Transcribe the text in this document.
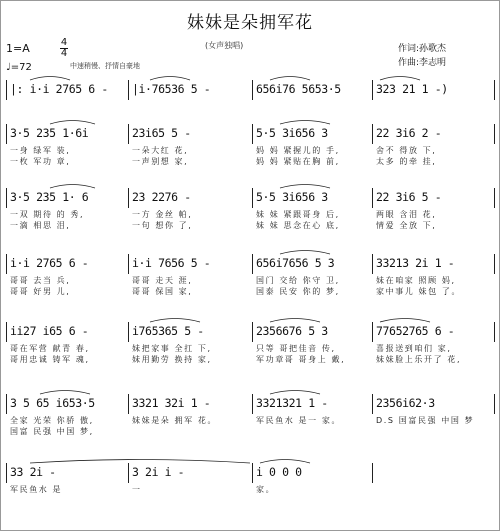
妹妹是朵拥军花
(女声独唱)	作词:孙歌杰
作曲:李志明
1=A	4
4
♩=72	中速稍慢、抒情自豪地
|: i·i 2765 6 - |i·76536 5 -	656i76 5653·5	323 21 1 -)
3·5 235 1·6i	23i65 5 -	5·5 3i656 3	22 3i6 2 -
一身 绿军 装,	一朵大红 花,	妈 妈 紧握儿的 手,	舍不 得放 下,
一枚 军功 章,	一声别想 家,	妈 妈 紧贴在胸 前,	太多 的牵 挂,
3·5 235 1· 6	23 2276 -	5·5 3i656 3	22 3i6 5 -
一双 期待 的 秀,	一方 金丝 帕,	妹 妹 紧跟哥身 后,	两眼 含泪 花,
一滴 相思 泪,	一句 想你 了,	妹 妹 思念在心 底,	情爱 全放 下,
i·i 2765 6 -	i·i 7656 5 -	656i7656 5 3	33213 2i 1 -
哥哥 去当 兵,	哥哥 走天 涯,	国门 交给 你守 卫,	妹在咱家 照顾 妈,
哥哥 好男 儿,	哥哥 保国 家,	国泰 民安 你的 梦,	家中事儿 妹包 了。
ii27 i65 6 -	i765365 5 -	2356676 5 3	77652765 6 -
哥在军营 献青 春,	妹把家事 全扛 下,	只等 哥把佳音 传,	喜报送到咱们 家,
哥用忠诚 铸军 魂,	妹用勤劳 换持 家,	军功章哥 哥身上 戴,	妹妹脸上乐开了 花,
3 5 65 i653·5	3321 32i 1 -	3321321 1 -	2356i62·3
全家 光荣 你骄 傲,	妹妹是朵 拥军 花。	军民鱼水 是一 家。	D.S 国富民强 中国 梦
国富 民强 中国 梦,
33 2i -	3 2i i -	i 0 0 0
军民鱼水 是	一	家。
